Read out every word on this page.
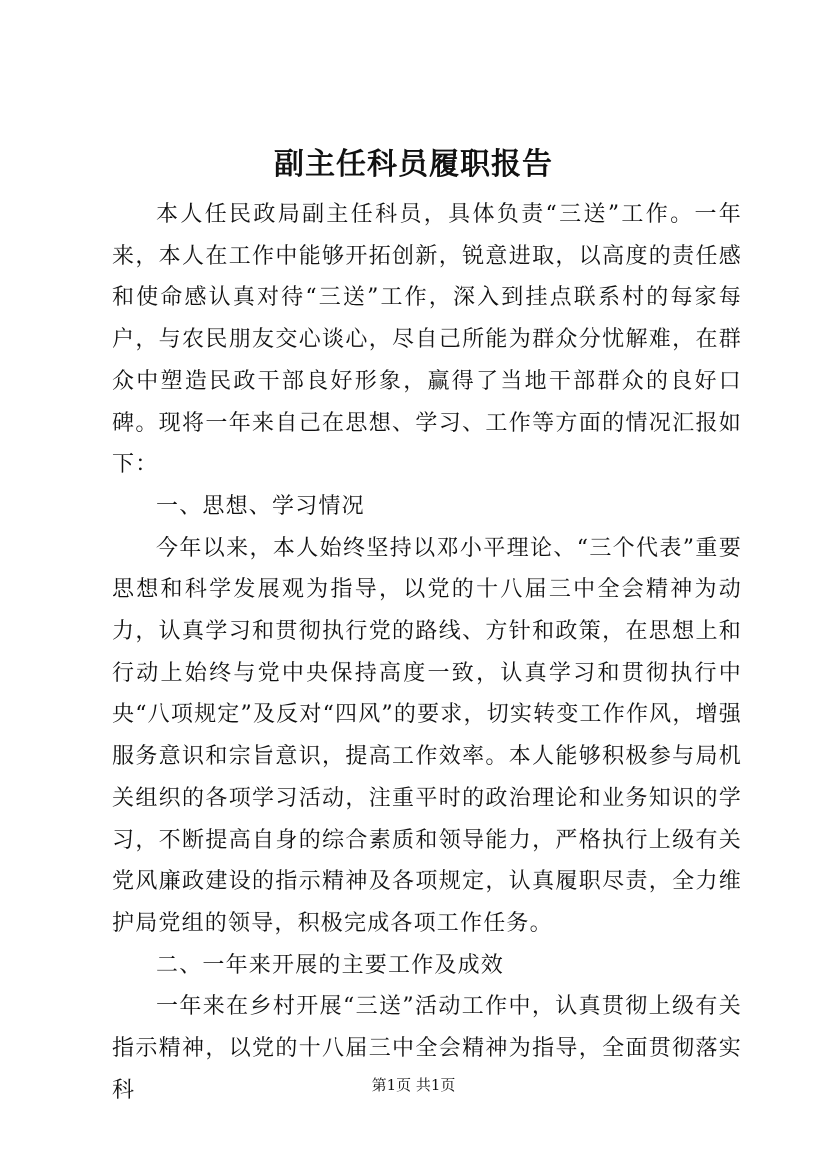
副主任科员履职报告

本人任民政局副主任科员，具体负责“三送”工作。一年来，本人在工作中能够开拓创新，锐意进取，以高度的责任感和使命感认真对待“三送”工作，深入到挂点联系村的每家每户，与农民朋友交心谈心，尽自己所能为群众分忧解难，在群众中塑造民政干部良好形象，赢得了当地干部群众的良好口碑。现将一年来自己在思想、学习、工作等方面的情况汇报如下：

一、思想、学习情况

今年以来，本人始终坚持以邓小平理论、“三个代表”重要思想和科学发展观为指导，以党的十八届三中全会精神为动力，认真学习和贯彻执行党的路线、方针和政策，在思想上和行动上始终与党中央保持高度一致，认真学习和贯彻执行中央“八项规定”及反对“四风”的要求，切实转变工作作风，增强服务意识和宗旨意识，提高工作效率。本人能够积极参与局机关组织的各项学习活动，注重平时的政治理论和业务知识的学习，不断提高自身的综合素质和领导能力，严格执行上级有关党风廉政建设的指示精神及各项规定，认真履职尽责，全力维护局党组的领导，积极完成各项工作任务。

二、一年来开展的主要工作及成效

一年来在乡村开展“三送”活动工作中，认真贯彻上级有关指示精神，以党的十八届三中全会精神为指导，全面贯彻落实科	第1页 共1页
